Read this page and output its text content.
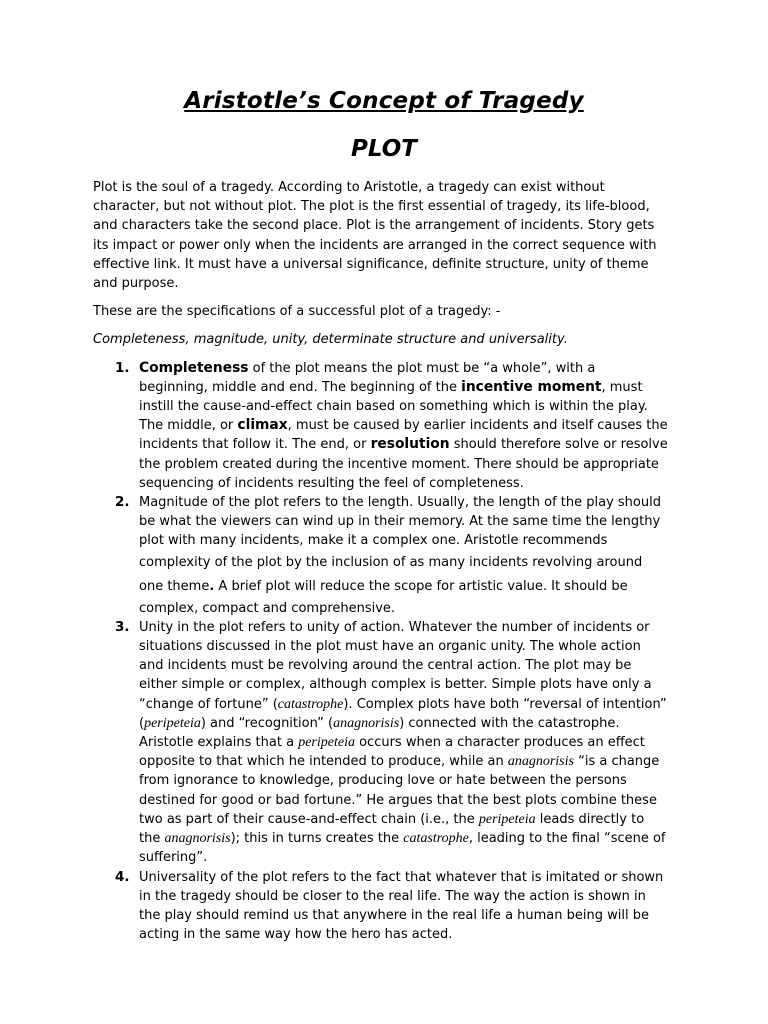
Aristotle’s Concept of Tragedy
PLOT

Plot is the soul of a tragedy. According to Aristotle, a tragedy can exist without character, but not without plot. The plot is the first essential of tragedy, its life-blood, and characters take the second place. Plot is the arrangement of incidents. Story gets its impact or power only when the incidents are arranged in the correct sequence with effective link. It must have a universal significance, definite structure, unity of theme and purpose.

These are the specifications of a successful plot of a tragedy: -

Completeness, magnitude, unity, determinate structure and universality.

1. Completeness of the plot means the plot must be “a whole”, with a beginning, middle and end. The beginning of the incentive moment, must instill the cause-and-effect chain based on something which is within the play. The middle, or climax, must be caused by earlier incidents and itself causes the incidents that follow it. The end, or resolution should therefore solve or resolve the problem created during the incentive moment. There should be appropriate sequencing of incidents resulting the feel of completeness.
2. Magnitude of the plot refers to the length. Usually, the length of the play should be what the viewers can wind up in their memory. At the same time the lengthy plot with many incidents, make it a complex one. Aristotle recommends complexity of the plot by the inclusion of as many incidents revolving around one theme. A brief plot will reduce the scope for artistic value. It should be complex, compact and comprehensive.
3. Unity in the plot refers to unity of action. Whatever the number of incidents or situations discussed in the plot must have an organic unity. The whole action and incidents must be revolving around the central action. The plot may be either simple or complex, although complex is better. Simple plots have only a “change of fortune” (catastrophe). Complex plots have both “reversal of intention” (peripeteia) and “recognition” (anagnorisis) connected with the catastrophe. Aristotle explains that a peripeteia occurs when a character produces an effect opposite to that which he intended to produce, while an anagnorisis “is a change from ignorance to knowledge, producing love or hate between the persons destined for good or bad fortune.” He argues that the best plots combine these two as part of their cause-and-effect chain (i.e., the peripeteia leads directly to the anagnorisis); this in turns creates the catastrophe, leading to the final “scene of suffering”.
4. Universality of the plot refers to the fact that whatever that is imitated or shown in the tragedy should be closer to the real life. The way the action is shown in the play should remind us that anywhere in the real life a human being will be acting in the same way how the hero has acted.
